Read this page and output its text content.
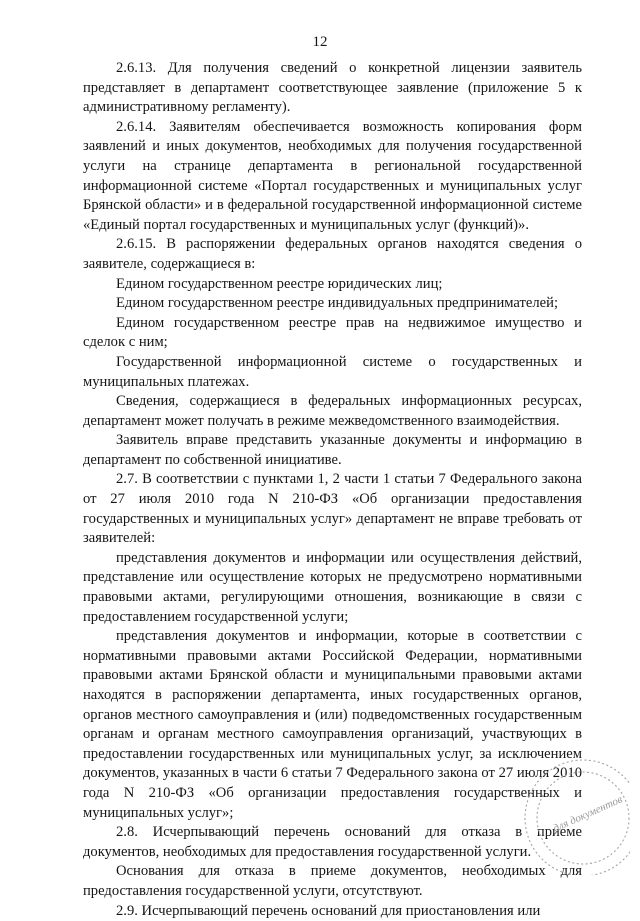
12

2.6.13. Для получения сведений о конкретной лицензии заявитель представляет в департамент соответствующее заявление (приложение 5 к административному регламенту).

2.6.14. Заявителям обеспечивается возможность копирования форм заявлений и иных документов, необходимых для получения государственной услуги на странице департамента в региональной государственной информационной системе «Портал государственных и муниципальных услуг Брянской области» и в федеральной государственной информационной системе «Единый портал государственных и муниципальных услуг (функций)».

2.6.15. В распоряжении федеральных органов находятся сведения о заявителе, содержащиеся в:

Едином государственном реестре юридических лиц;

Едином государственном реестре индивидуальных предпринимателей;

Едином государственном реестре прав на недвижимое имущество и сделок с ним;

Государственной информационной системе о государственных и муниципальных платежах.

Сведения, содержащиеся в федеральных информационных ресурсах, департамент может получать в режиме межведомственного взаимодействия.

Заявитель вправе представить указанные документы и информацию в департамент по собственной инициативе.

2.7. В соответствии с пунктами 1, 2 части 1 статьи 7 Федерального закона от 27 июля 2010 года N 210-ФЗ «Об организации предоставления государственных и муниципальных услуг» департамент не вправе требовать от заявителей:

представления документов и информации или осуществления действий, представление или осуществление которых не предусмотрено нормативными правовыми актами, регулирующими отношения, возникающие в связи с предоставлением государственной услуги;

представления документов и информации, которые в соответствии с нормативными правовыми актами Российской Федерации, нормативными правовыми актами Брянской области и муниципальными правовыми актами находятся в распоряжении департамента, иных государственных органов, органов местного самоуправления и (или) подведомственных государственным органам и органам местного самоуправления организаций, участвующих в предоставлении государственных или муниципальных услуг, за исключением документов, указанных в части 6 статьи 7 Федерального закона от 27 июля 2010 года N 210-ФЗ «Об организации предоставления государственных и муниципальных услуг»;

2.8. Исчерпывающий перечень оснований для отказа в приеме документов, необходимых для предоставления государственной услуги.

Основания для отказа в приеме документов, необходимых для предоставления государственной услуги, отсутствуют.

2.9. Исчерпывающий перечень оснований для приостановления или

для документов
